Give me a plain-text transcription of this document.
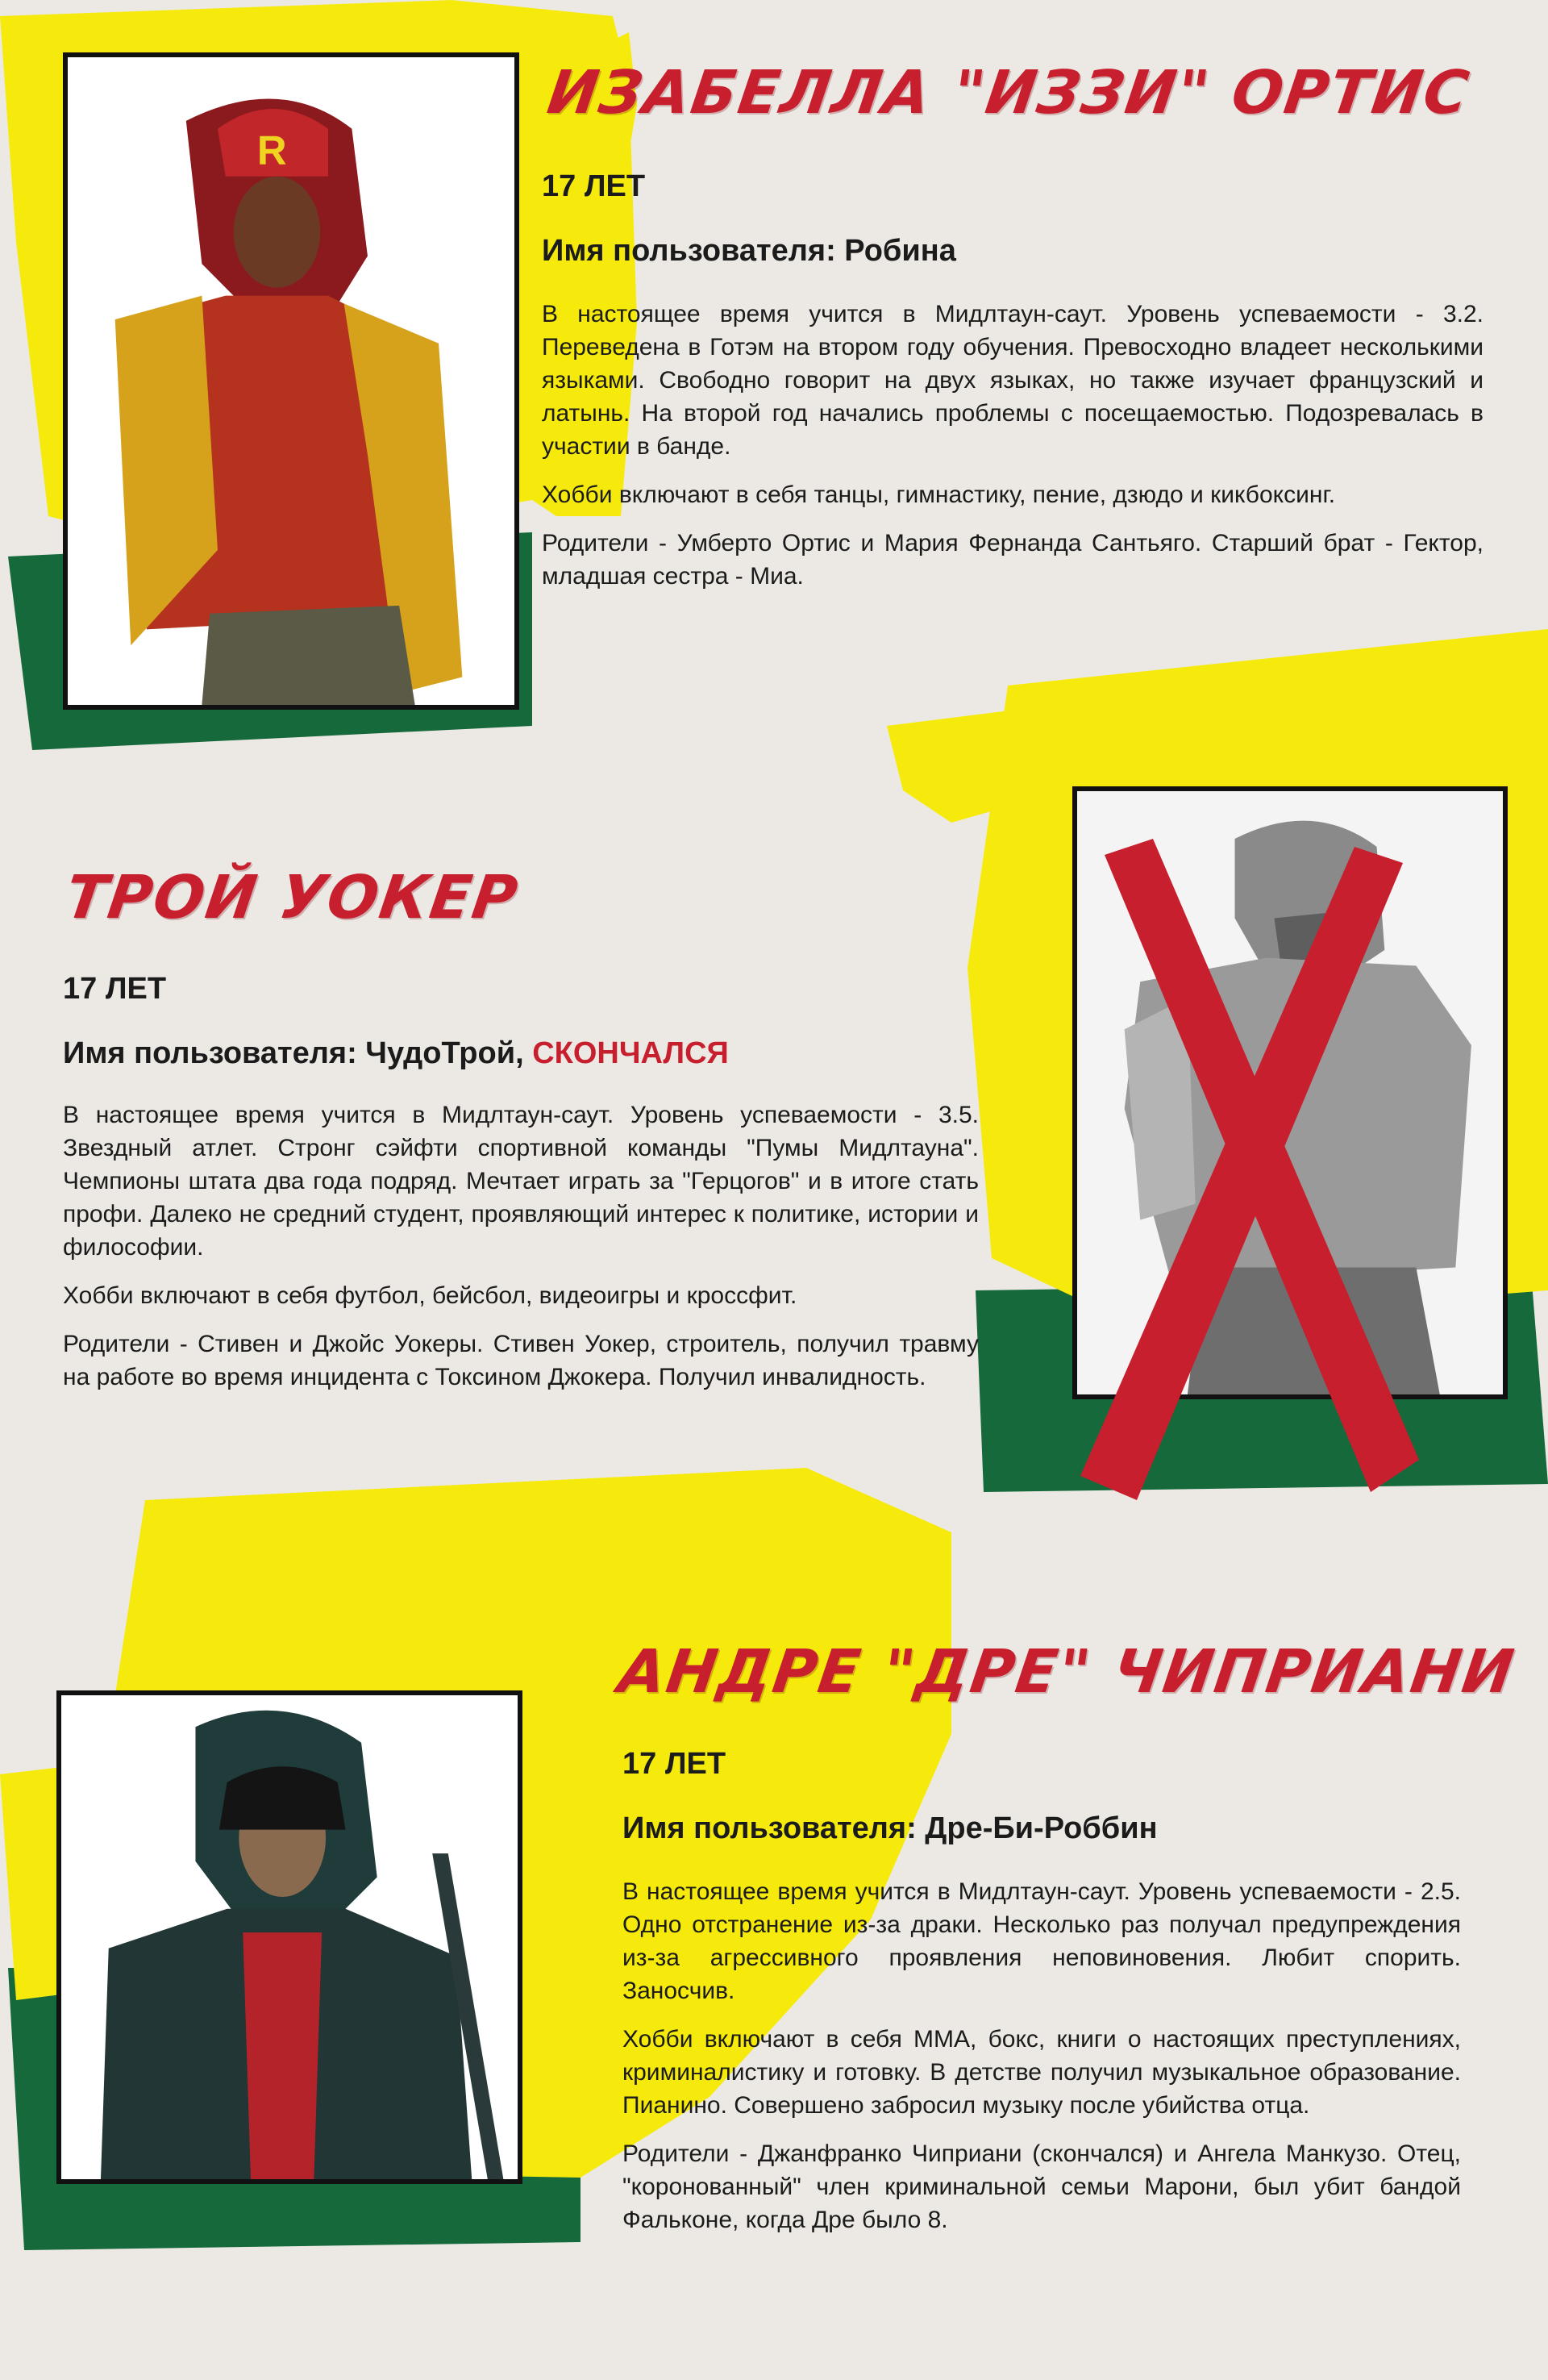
R
ИЗАБЕЛЛА "ИЗЗИ" ОРТИС
17 ЛЕТ
Имя пользователя: Робина

В настоящее время учится в Мидлтаун-саут. Уровень успеваемости - 3.2. Переведена в Готэм на втором году обучения. Превосходно владеет несколькими языками. Свободно говорит на двух языках, но также изучает французский и латынь. На второй год начались проблемы с посещаемостью. Подозревалась в участии в банде.

Хобби включают в себя танцы, гимнастику, пение, дзюдо и кикбоксинг.

Родители - Умберто Ортис и Мария Фернанда Сантьяго. Старший брат - Гектор, младшая сестра - Миа.

ТРОЙ УОКЕР
17 ЛЕТ
Имя пользователя: ЧудоТрой, СКОНЧАЛСЯ

В настоящее время учится в Мидлтаун-саут. Уровень успеваемости - 3.5. Звездный атлет. Стронг сэйфти спортивной команды "Пумы Мидлтауна". Чемпионы штата два года подряд. Мечтает играть за "Герцогов" и в итоге стать профи. Далеко не средний студент, проявляющий интерес к политике, истории и философии.

Хобби включают в себя футбол, бейсбол, видеоигры и кроссфит.

Родители - Стивен и Джойс Уокеры. Стивен Уокер, строитель, получил травму на работе во время инцидента с Токсином Джокера. Получил инвалидность.

АНДРЕ "ДРЕ" ЧИПРИАНИ
17 ЛЕТ
Имя пользователя: Дре-Би-Роббин

В настоящее время учится в Мидлтаун-саут. Уровень успеваемости - 2.5. Одно отстранение из-за драки. Несколько раз получал предупреждения из-за агрессивного проявления неповиновения. Любит спорить. Заносчив.

Хобби включают в себя ММА, бокс, книги о настоящих преступлениях, криминалистику и готовку. В детстве получил музыкальное образование. Пианино. Совершено забросил музыку после убийства отца.

Родители - Джанфранко Чиприани (скончался) и Ангела Манкузо. Отец, "коронованный" член криминальной семьи Марони, был убит бандой Фальконе, когда Дре было 8.
